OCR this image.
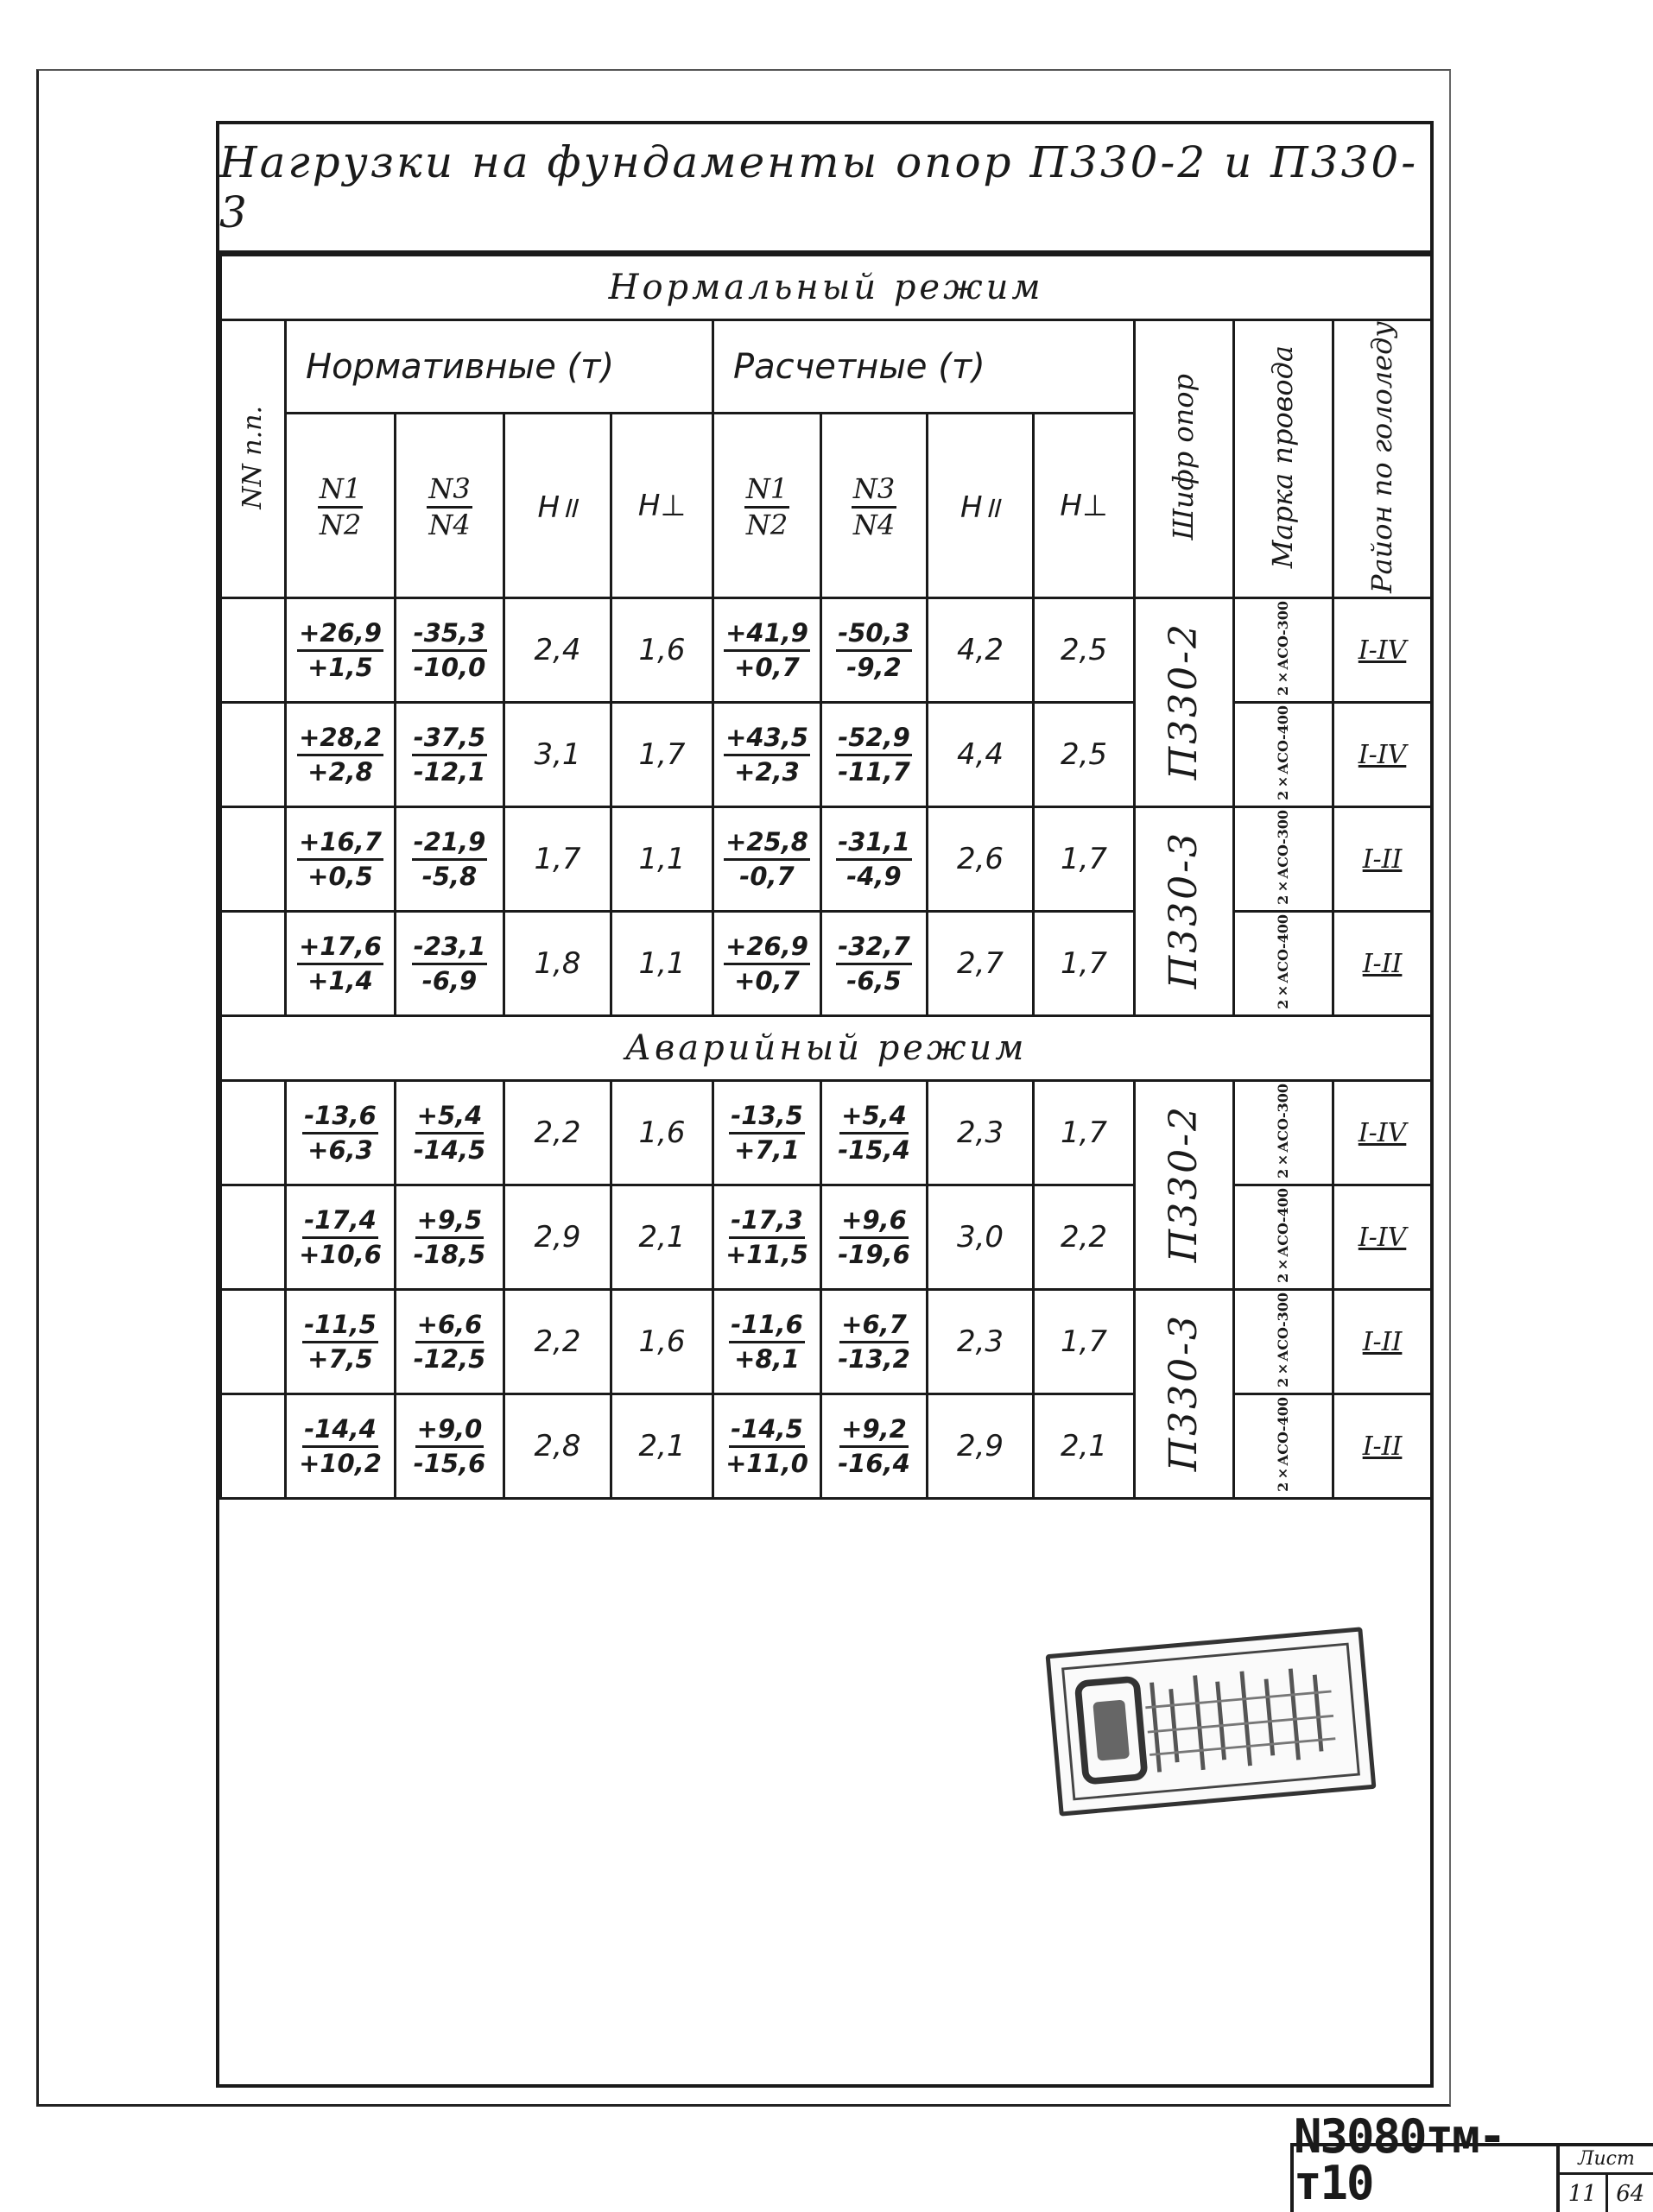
Нагрузки на фундаменты опор П330-2 и П330-3
Нормальный режим											
NN п.п.	Нормативные (т)				Расчетные (т)				Шифр опор	Марка провода	Район по гололеду

	$\frac{N1}{N2}$	$\frac{N3}{N4}$	H॥	H⊥	$\frac{N1}{N2}$	$\frac{N3}{N4}$	H॥	H⊥			

	$\frac{+26,9}{+1,5}$	$\frac{-35,3}{-10,0}$	2,4	1,6	$\frac{+41,9}{+0,7}$	$\frac{-50,3}{-9,2}$	4,2	2,5	П330-2	2×АСО-300	I-IV

	$\frac{+28,2}{+2,8}$	$\frac{-37,5}{-12,1}$	3,1	1,7	$\frac{+43,5}{+2,3}$	$\frac{-52,9}{-11,7}$	4,4	2,5		2×АСО-400	I-IV

	$\frac{+16,7}{+0,5}$	$\frac{-21,9}{-5,8}$	1,7	1,1	$\frac{+25,8}{-0,7}$	$\frac{-31,1}{-4,9}$	2,6	1,7	П330-3	2×АСО-300	I-II

	$\frac{+17,6}{+1,4}$	$\frac{-23,1}{-6,9}$	1,8	1,1	$\frac{+26,9}{+0,7}$	$\frac{-32,7}{-6,5}$	2,7	1,7		2×АСО-400	I-II
Аварийный режим											

	$\frac{-13,6}{+6,3}$	$\frac{+5,4}{-14,5}$	2,2	1,6	$\frac{-13,5}{+7,1}$	$\frac{+5,4}{-15,4}$	2,3	1,7	П330-2	2×АСО-300	I-IV

	$\frac{-17,4}{+10,6}$	$\frac{+9,5}{-18,5}$	2,9	2,1	$\frac{-17,3}{+11,5}$	$\frac{+9,6}{-19,6}$	3,0	2,2		2×АСО-400	I-IV

	$\frac{-11,5}{+7,5}$	$\frac{+6,6}{-12,5}$	2,2	1,6	$\frac{-11,6}{+8,1}$	$\frac{+6,7}{-13,2}$	2,3	1,7	П330-3	2×АСО-300	I-II

	$\frac{-14,4}{+10,2}$	$\frac{+9,0}{-15,6}$	2,8	2,1	$\frac{-14,5}{+11,0}$	$\frac{+9,2}{-16,4}$	2,9	2,1		2×АСО-400	I-II
N3080тм-т10	Лист
11 64
